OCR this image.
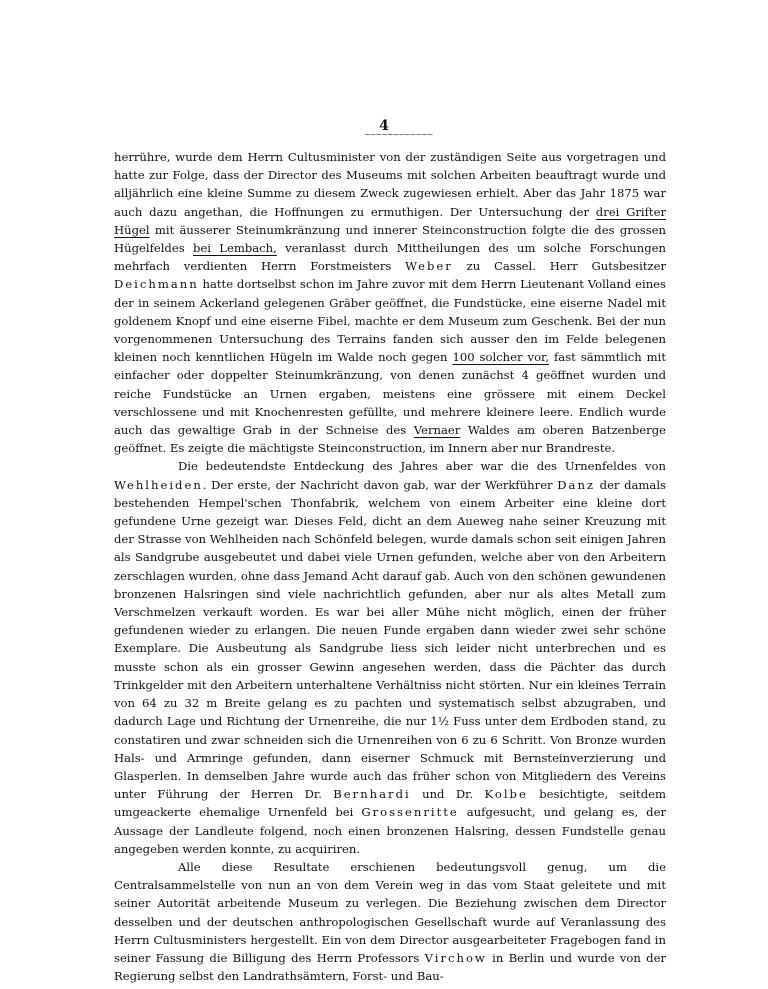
4
~~~~~~~~~~~~

herrühre, wurde dem Herrn Cultusminister von der zuständigen Seite aus vorgetragen und hatte zur Folge, dass der Director des Museums mit solchen Arbeiten beauftragt wurde und alljährlich eine kleine Summe zu diesem Zweck zugewiesen erhielt. Aber das Jahr 1875 war auch dazu angethan, die Hoffnungen zu ermuthigen. Der Untersuchung der drei Grifter Hügel mit äusserer Steinumkränzung und innerer Steinconstruction folgte die des grossen Hügelfeldes bei Lembach, veranlasst durch Mittheilungen des um solche Forschungen mehrfach verdienten Herrn Forstmeisters Weber zu Cassel. Herr Gutsbesitzer Deichmann hatte dortselbst schon im Jahre zuvor mit dem Herrn Lieutenant Volland eines der in seinem Ackerland gelegenen Gräber geöffnet, die Fundstücke, eine eiserne Nadel mit goldenem Knopf und eine eiserne Fibel, machte er dem Museum zum Geschenk. Bei der nun vorgenommenen Untersuchung des Terrains fanden sich ausser den im Felde belegenen kleinen noch kenntlichen Hügeln im Walde noch gegen 100 solcher vor, fast sämmtlich mit einfacher oder doppelter Steinumkränzung, von denen zunächst 4 geöffnet wurden und reiche Fundstücke an Urnen ergaben, meistens eine grössere mit einem Deckel verschlossene und mit Knochenresten gefüllte, und mehrere kleinere leere. Endlich wurde auch das gewaltige Grab in der Schneise des Vernaer Waldes am oberen Batzenberge geöffnet. Es zeigte die mächtigste Steinconstruction, im Innern aber nur Brandreste.

Die bedeutendste Entdeckung des Jahres aber war die des Urnenfeldes von Wehlheiden. Der erste, der Nachricht davon gab, war der Werkführer Danz der damals bestehenden Hempel'schen Thonfabrik, welchem von einem Arbeiter eine kleine dort gefundene Urne gezeigt war. Dieses Feld, dicht an dem Aueweg nahe seiner Kreuzung mit der Strasse von Wehlheiden nach Schönfeld belegen, wurde damals schon seit einigen Jahren als Sandgrube ausgebeutet und dabei viele Urnen gefunden, welche aber von den Arbeitern zerschlagen wurden, ohne dass Jemand Acht darauf gab. Auch von den schönen gewundenen bronzenen Halsringen sind viele nachrichtlich gefunden, aber nur als altes Metall zum Verschmelzen verkauft worden. Es war bei aller Mühe nicht möglich, einen der früher gefundenen wieder zu erlangen. Die neuen Funde ergaben dann wieder zwei sehr schöne Exemplare. Die Ausbeutung als Sandgrube liess sich leider nicht unterbrechen und es musste schon als ein grosser Gewinn angesehen werden, dass die Pächter das durch Trinkgelder mit den Arbeitern unterhaltene Verhältniss nicht störten. Nur ein kleines Terrain von 64 zu 32 m Breite gelang es zu pachten und systematisch selbst abzugraben, und dadurch Lage und Richtung der Urnenreihe, die nur 1½ Fuss unter dem Erdboden stand, zu constatiren und zwar schneiden sich die Urnenreihen von 6 zu 6 Schritt. Von Bronze wurden Hals- und Armringe gefunden, dann eiserner Schmuck mit Bernsteinverzierung und Glasperlen. In demselben Jahre wurde auch das früher schon von Mitgliedern des Vereins unter Führung der Herren Dr. Bernhardi und Dr. Kolbe besichtigte, seitdem umgeackerte ehemalige Urnenfeld bei Grossenritte aufgesucht, und gelang es, der Aussage der Landleute folgend, noch einen bronzenen Halsring, dessen Fundstelle genau angegeben werden konnte, zu acquiriren.

Alle diese Resultate erschienen bedeutungsvoll genug, um die Centralsammelstelle von nun an von dem Verein weg in das vom Staat geleitete und mit seiner Autorität arbeitende Museum zu verlegen. Die Beziehung zwischen dem Director desselben und der deutschen anthropologischen Gesellschaft wurde auf Veranlassung des Herrn Cultusministers hergestellt. Ein von dem Director ausgearbeiteter Fragebogen fand in seiner Fassung die Billigung des Herrn Professors Virchow in Berlin und wurde von der Regierung selbst den Landrathsämtern, Forst- und Bau-
